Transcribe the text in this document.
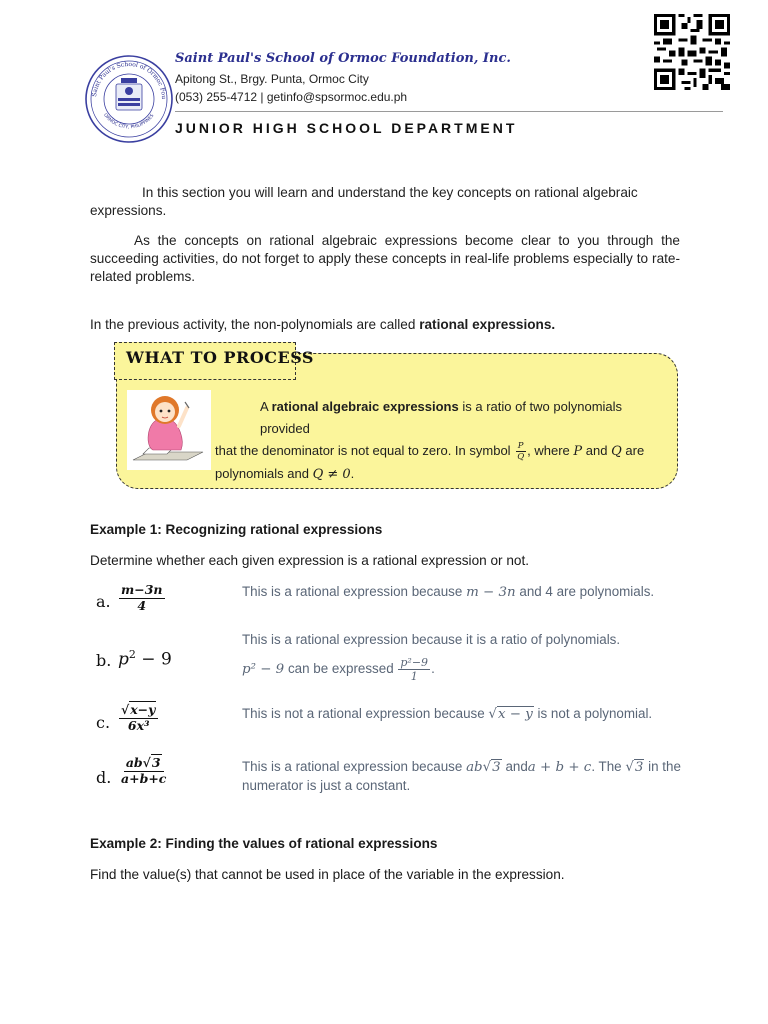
Saint Paul's School of Ormoc Fou
ORMOC CITY, PHILIPPINES
Saint Paul's School of Ormoc Foundation, Inc.
Apitong St., Brgy. Punta, Ormoc City
(053) 255-4712 | getinfo@spsormoc.edu.ph
JUNIOR HIGH SCHOOL DEPARTMENT
In this section you will learn and understand the key concepts on rational algebraic expressions.
As the concepts on rational algebraic expressions become clear to you through the succeeding activities, do not forget to apply these concepts in real-life problems especially to rate-related problems.
In the previous activity, the non-polynomials are called rational expressions.
WHAT TO PROCESS
A rational algebraic expressions is a ratio of two polynomials provided
that the denominator is not equal to zero. In symbol $\frac{P}{Q}$ , where P and Q are
polynomials and Q ≠ 0.
Example 1: Recognizing rational expressions
Determine whether each given expression is a rational expression or not.
a. $\frac{m-3n}{4}$	This is a rational expression because m − 3n and 4 are polynomials.
b. $p^2 - 9$
This is a rational expression because it is a ratio of polynomials.
p² − 9 can be expressed $\frac{\text{p²−9}}{1}$ .
c. $\frac{√x-y}{\text{6x³}}$	This is not a rational expression because √x − y is not a polynomial.
d. $\frac{ab√3}{a+b+c}$	This is a rational expression because ab√3 anda + b + c. The √3 in the numerator is just a constant.
Example 2: Finding the values of rational expressions
Find the value(s) that cannot be used in place of the variable in the expression.
